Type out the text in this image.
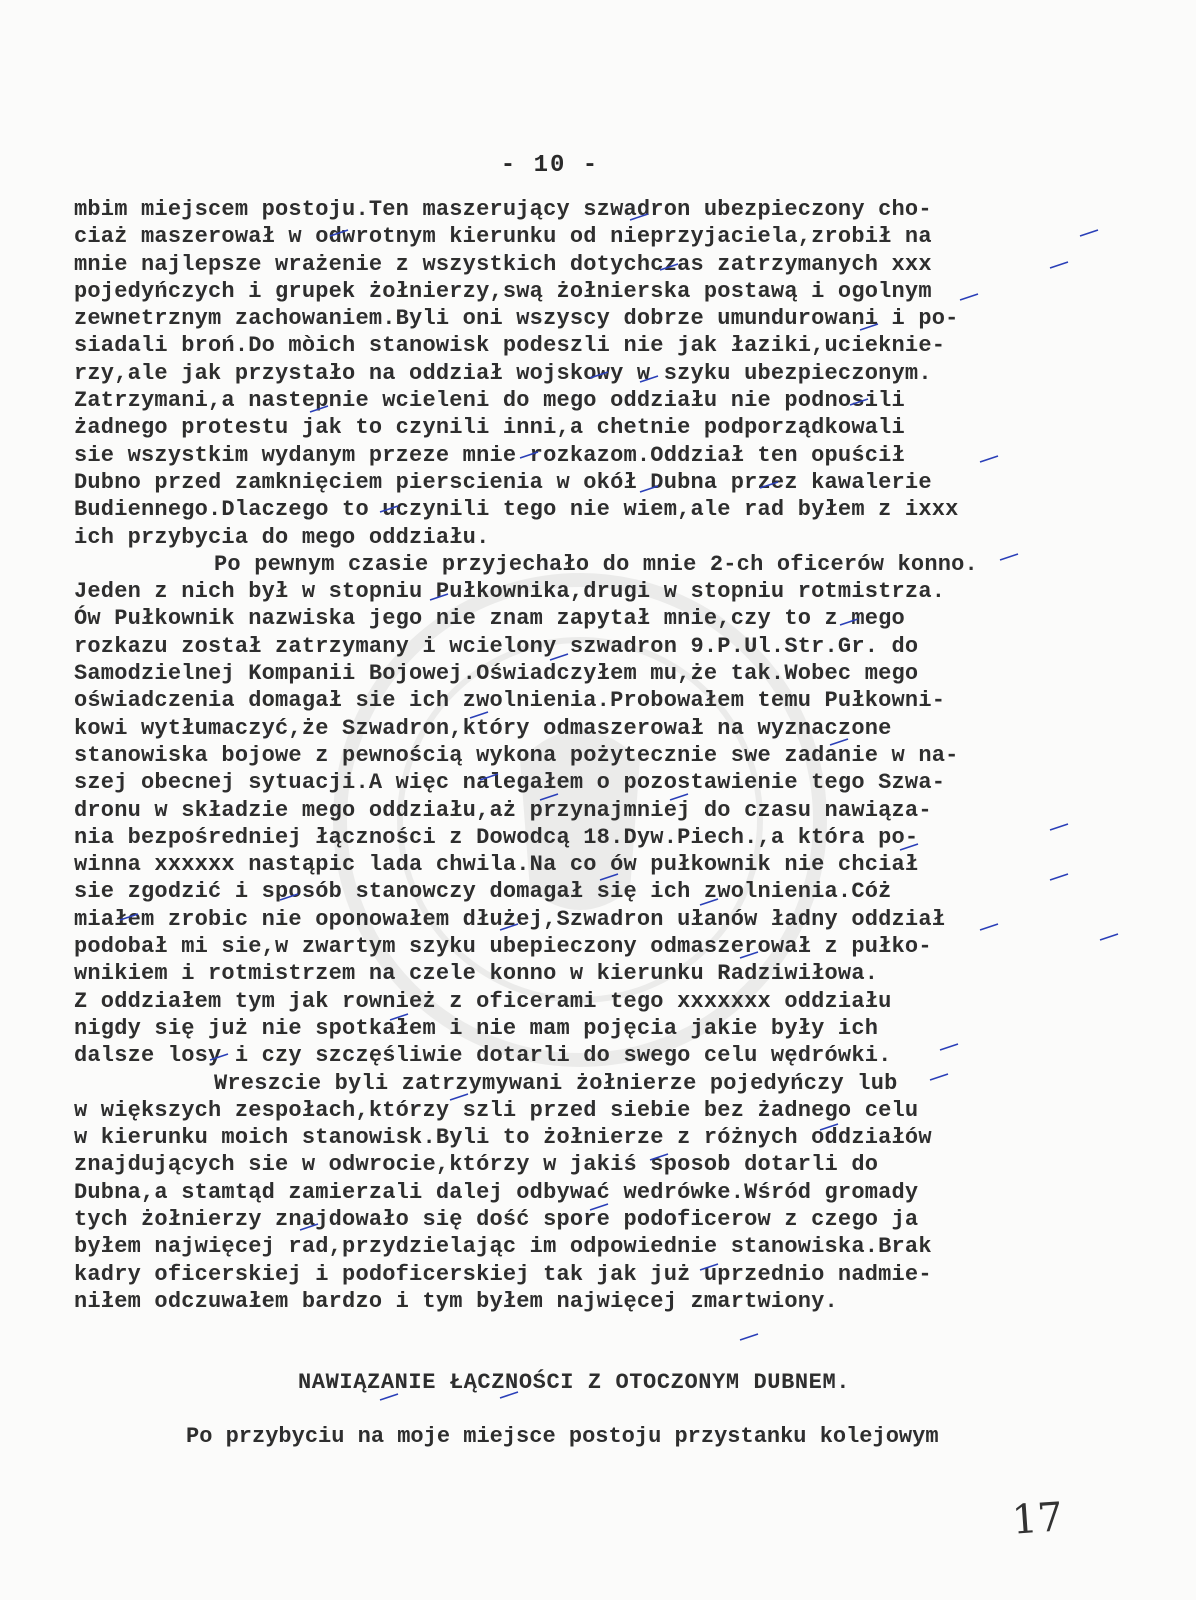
- 10 -
mbim miejscem postoju.Ten maszerujący szwadron ubezpieczony cho-
ciaż maszerował w odwrotnym kierunku od nieprzyjaciela,zrobił na
mnie najlepsze wrażenie z wszystkich dotychczas zatrzymanych xxx
pojedyńczych i grupek żołnierzy,swą żołnierska postawą i ogolnym
zewnetrznym zachowaniem.Byli oni wszyscy dobrze umundurowani i po-
siadali broń.Do mòich stanowisk podeszli nie jak łaziki,ucieknie-
rzy,ale jak przystało na oddział wojskowy w szyku ubezpieczonym.
Zatrzymani,a nastepnie wcieleni do mego oddziału nie podnosili
żadnego protestu jak to czynili inni,a chetnie podporządkowali
sie wszystkim wydanym przeze mnie rozkazom.Oddział ten opuścił
Dubno przed zamknięciem pierscienia w okół Dubna przez kawalerie
Budiennego.Dlaczego to uczynili tego nie wiem,ale rad byłem z ixxx
ich przybycia do mego oddziału.
Po pewnym czasie przyjechało do mnie 2-ch oficerów konno.
Jeden z nich był w stopniu Pułkownika,drugi w stopniu rotmistrza.
Ów Pułkownik nazwiska jego nie znam zapytał mnie,czy to z mego
rozkazu został zatrzymany i wcielony szwadron 9.P.Ul.Str.Gr. do
Samodzielnej Kompanii Bojowej.Oświadczyłem mu,że tak.Wobec mego
oświadczenia domagał sie ich zwolnienia.Probowałem temu Pułkowni-
kowi wytłumaczyć,że Szwadron,który odmaszerował na wyznaczone
stanowiska bojowe z pewnością wykona pożytecznie swe zadanie w na-
szej obecnej sytuacji.A więc nalegałem o pozostawienie tego Szwa-
dronu w składzie mego oddziału,aż przynajmniej do czasu nawiąza-
nia bezpośredniej łączności z Dowodcą 18.Dyw.Piech.,a która po-
winna xxxxxx nastąpic lada chwila.Na co ów pułkownik nie chciał
sie zgodzić i sposób stanowczy domagał się ich zwolnienia.Cóż
miałem zrobic nie oponowałem dłużej,Szwadron ułanów ładny oddział
podobał mi sie,w zwartym szyku ubepieczony odmaszerował z pułko-
wnikiem i rotmistrzem na czele konno w kierunku Radziwiłowa.
Z oddziałem tym jak rownież z oficerami tego xxxxxxx oddziału
nigdy się już nie spotkałem i nie mam pojęcia jakie były ich
dalsze losy i czy szczęśliwie dotarli do swego celu wędrówki.
Wreszcie byli zatrzymywani żołnierze pojedyńczy lub
w większych zespołach,którzy szli przed siebie bez żadnego celu
w kierunku moich stanowisk.Byli to żołnierze z różnych oddziałów
znajdujących sie w odwrocie,którzy w jakiś sposob dotarli do
Dubna,a stamtąd zamierzali dalej odbywać wedrówke.Wśród gromady
tych żołnierzy znajdowało się dość spore podoficerow z czego ja
byłem najwięcej rad,przydzielając im odpowiednie stanowiska.Brak
kadry oficerskiej i podoficerskiej tak jak już uprzednio nadmie-
niłem odczuwałem bardzo i tym byłem najwięcej zmartwiony.
NAWIĄZANIE ŁĄCZNOŚCI Z OTOCZONYM DUBNEM.
Po przybyciu na moje miejsce postoju przystanku kolejowym
17
